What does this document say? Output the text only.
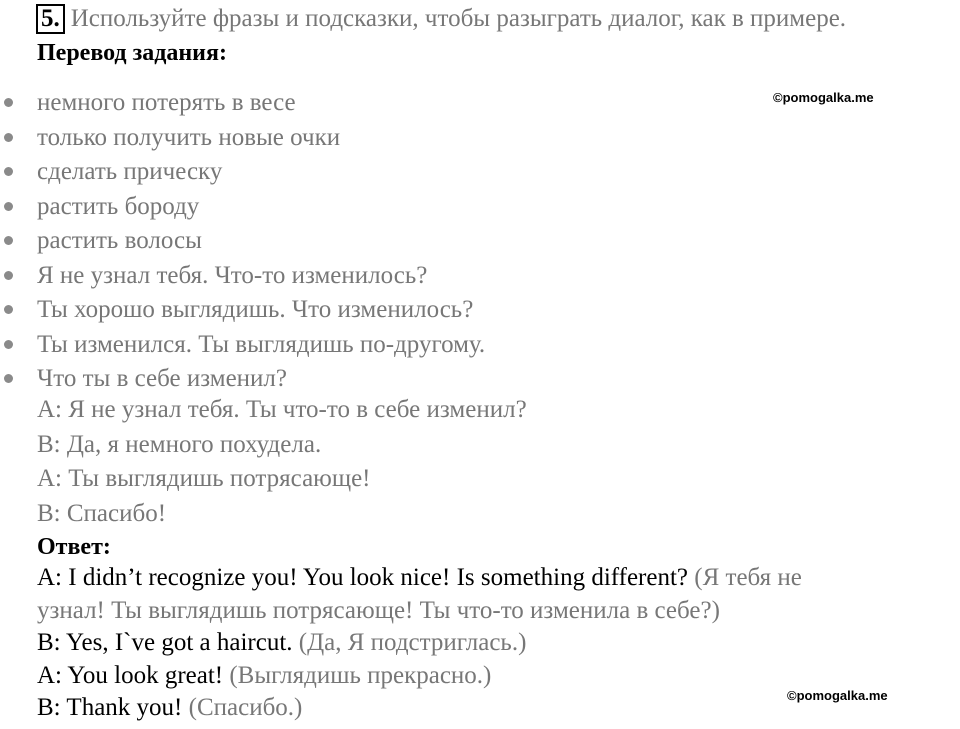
5. Используйте фразы и подсказки, чтобы разыграть диалог, как в примере.
Перевод задания:
©pomogalka.me
немного потерять в весе
только получить новые очки
сделать прическу
растить бороду
растить волосы
Я не узнал тебя. Что-то изменилось?
Ты хорошо выглядишь. Что изменилось?
Ты изменился. Ты выглядишь по-другому.
Что ты в себе изменил?
А: Я не узнал тебя. Ты что-то в себе изменил?
В: Да, я немного похудела.
А: Ты выглядишь потрясающе!
В: Спасибо!
Ответ:
A: I didn’t recognize you! You look nice! Is something different? (Я тебя не
узнал! Ты выглядишь потрясающе! Ты что-то изменила в себе?)
B: Yes, I`ve got a haircut. (Да, Я подстриглась.)
A: You look great! (Выглядишь прекрасно.)
B: Thank you! (Спасибо.)	©pomogalka.me
